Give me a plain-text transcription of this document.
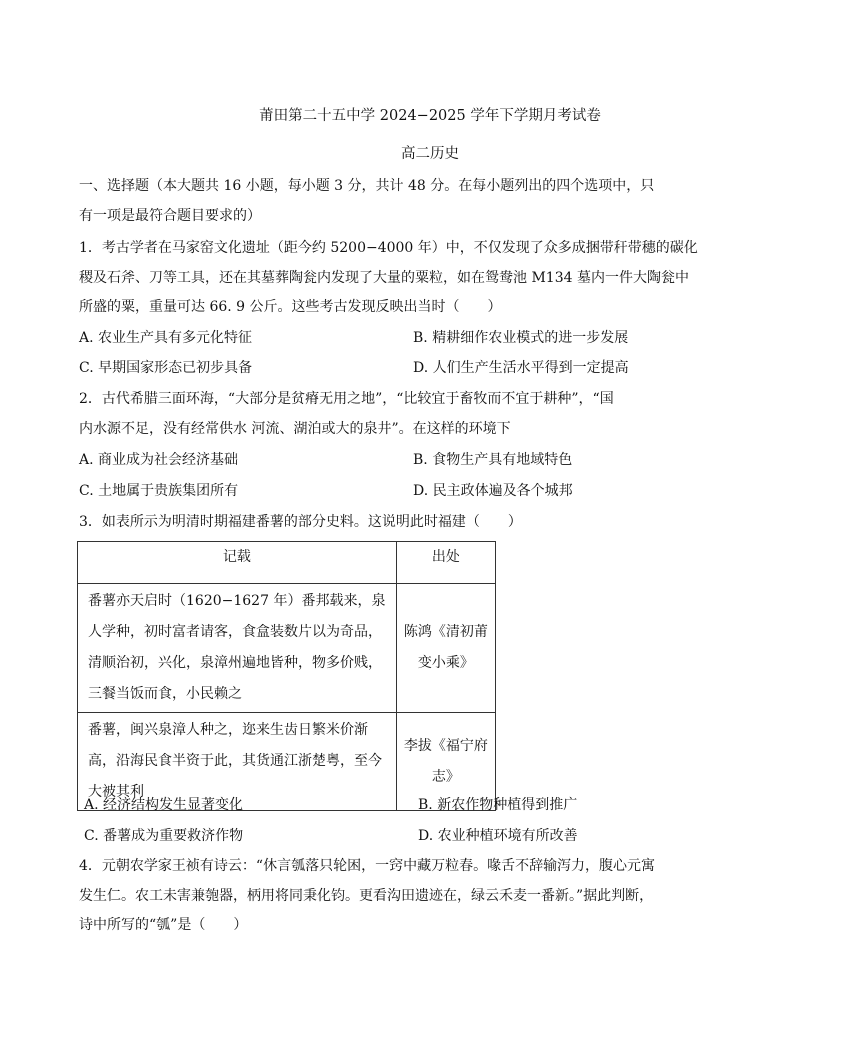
莆田第二十五中学 2024−2025 学年下学期月考试卷
高二历史
一、选择题（本大题共 16 小题，每小题 3 分，共计 48 分。在每小题列出的四个选项中，只
有一项是最符合题目要求的）
1．考古学者在马家窑文化遗址（距今约 5200−4000 年）中，不仅发现了众多成捆带秆带穗的碳化
稷及石斧、刀等工具，还在其墓葬陶瓮内发现了大量的粟粒，如在鸳鸯池 M134 墓内一件大陶瓮中
所盛的粟，重量可达 66. 9 公斤。这些考古发现反映出当时（　　）
A. 农业生产具有多元化特征	B. 精耕细作农业模式的进一步发展
C. 早期国家形态已初步具备	D. 人们生产生活水平得到一定提高
2．古代希腊三面环海，“大部分是贫瘠无用之地”，“比较宜于畜牧而不宜于耕种”，“国
内水源不足，没有经常供水 河流、湖泊或大的泉井”。在这样的环境下
A. 商业成为社会经济基础	B. 食物生产具有地域特色
C. 土地属于贵族集团所有	D. 民主政体遍及各个城邦
3．如表所示为明清时期福建番薯的部分史料。这说明此时福建（　　）
记载	出处

番薯亦天启时（1620−1627 年）番邦载来，泉人学种，初时富者请客，食盒装数片以为奇品，清顺治初，兴化，泉漳州遍地皆种，物多价贱，三餐当饭而食，小民赖之	陈鸿《清初莆变小乘》

番薯，闽兴泉漳人种之，迩来生齿日繁米价渐高，沿海民食半资于此，其货通江浙楚粤，至今大被其利	李拔《福宁府志》
A. 经济结构发生显著变化	B. 新农作物种植得到推广
C. 番薯成为重要救济作物	D. 农业种植环境有所改善
4．元朝农学家王祯有诗云：“休言瓠落只轮困，一窍中藏万粒春。喙舌不辞输泻力，腹心元寓
发生仁。农工未害兼匏器，柄用将同秉化钧。更看沟田遗迹在，绿云禾麦一番新。”据此判断，
诗中所写的“瓠”是（　　）
